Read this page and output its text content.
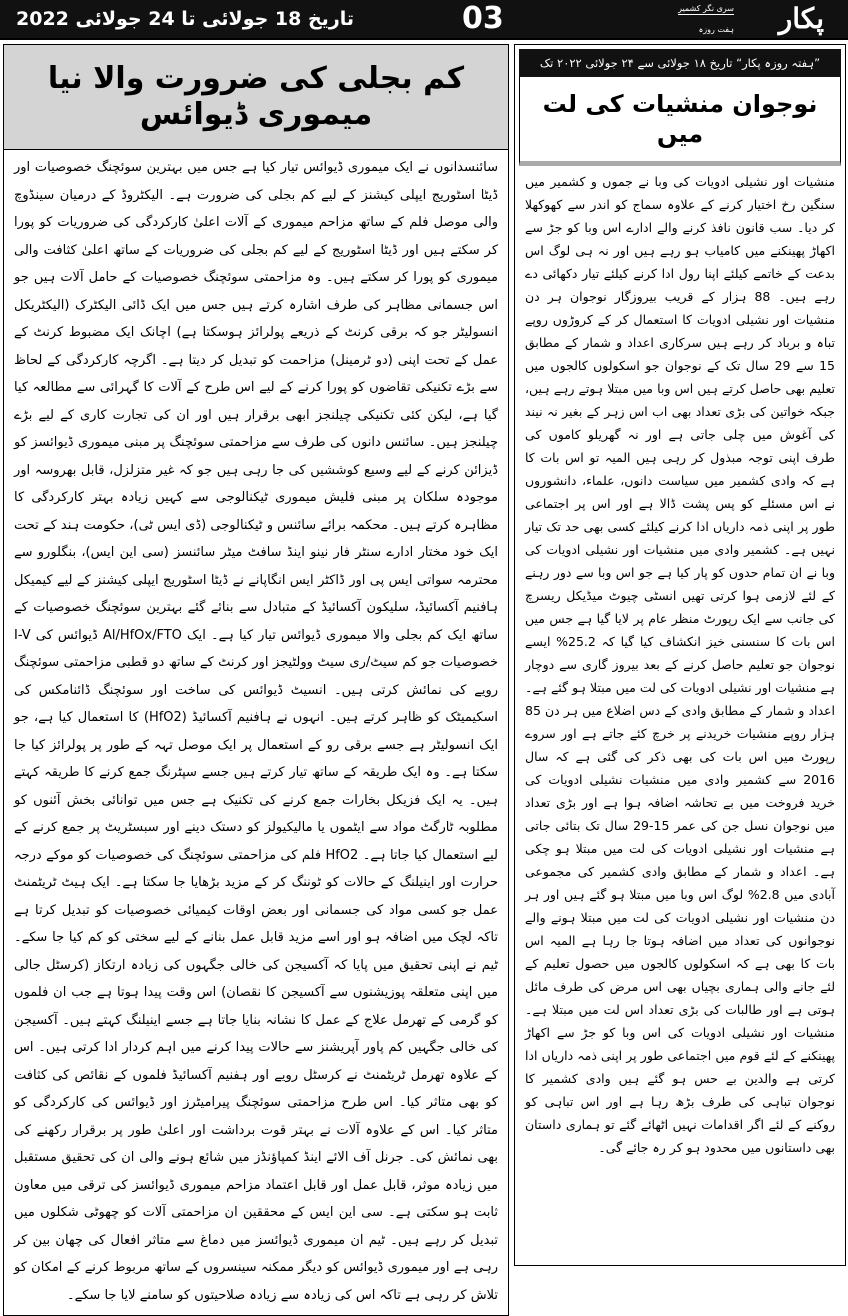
تاریخ 18 جولائی تا 24 جولائی 2022	03	پکار
سری نگر کشمیر
ہفت روزہ
کم بجلی کی ضرورت والا نیا میموری ڈیوائس
سائنسدانوں نے ایک میموری ڈیوائس تیار کیا ہے جس میں بہترین سوئچنگ خصوصیات اورڈیٹا اسٹوریج ایپلی کیشنز کے لیے کم بجلی کی ضرورت ہے۔ الیکٹروڈ کے درمیان سینڈوچ والیموصل فلم کے ساتھ مزاحم میموری کے آلات اعلیٰ کارکردگی کی ضروریات کو پورا کر سکتے ہیں اورڈیٹا اسٹوریج کے لیے کم بجلی کی ضروریات کے ساتھ اعلیٰ کثافت والی میموری کو پورا کر سکتےہیں۔ وہ مزاحمتی سوئچنگ خصوصیات کے حامل آلات ہیں جو اس جسمانی مظاہر کی طرف اشارہکرتے ہیں جس میں ایک ڈائی الیکٹرک (الیکٹریکل انسولیٹر جو کہ برقی کرنٹ کے ذریعےپولرائز ہوسکتا ہے) اچانک ایک مضبوط کرنٹ کے عمل کے تحت اپنی (دو ٹرمینل) مزاحمت کوتبدیل کر دیتا ہے۔ اگرچہ کارکردگی کے لحاظ سے بڑے تکنیکی تقاضوں کو پورا کرنے کے لیے اسطرح کے آلات کا گہرائی سے مطالعہ کیا گیا ہے، لیکن کئی تکنیکی چیلنجز ابھی برقرار ہیں اور انکی تجارت کاری کے لیے بڑے چیلنجز ہیں۔ سائنس دانوں کی طرف سے مزاحمتی سوئچنگ پر مبنیمیموری ڈیوائسز کو ڈیزائن کرنے کے لیے وسیع کوششیں کی جا رہی ہیں جو کہ غیر متزلزل، قابلبھروسہ اور موجودہ سلکان پر مبنی فلیش میموری ٹیکنالوجی سے کہیں زیادہ بہتر کارکردگی کا مظاہرہکرتے ہیں۔ محکمہ برائے سائنس و ٹیکنالوجی (ڈی ایس ٹی)، حکومت ہند کے تحت ایک خود مختارادارے سنٹر فار نینو اینڈ سافٹ میٹر سائنسز (سی این ایس)، بنگلورو سے محترمہ سواتی ایس پی اورڈاکٹر ایس انگاپانے نے ڈیٹا اسٹوریج ایپلی کیشنز کے لیے کیمیکل ہافنیم آکسائیڈ، سلیکونآکسائیڈ کے متبادل سے بنائے گئے بہترین سوئچنگ خصوصیات کے ساتھ ایک کم بجلی والامیموری ڈیوائس تیار کیا ہے۔ ایک Al/HfOx/FTO ڈیوائس کی I-V خصوصیات جو کمسیٹ/ری سیٹ وولٹیجز اور کرنٹ کے ساتھ دو قطبی مزاحمتی سوئچنگ رویے کی نمائش کرتی ہیں۔انسیٹ ڈیوائس کی ساخت اور سوئچنگ ڈائنامکس کی اسکیمیٹک کو ظاہر کرتے ہیں۔ انہوں نےہافنیم آکسائیڈ (HfO2) کا استعمال کیا ہے، جو ایک انسولیٹر ہے جسے برقی رو کے استعمال پرایک موصل تہہ کے طور پر پولرائز کیا جا سکتا ہے۔ وہ ایک طریقہ کے ساتھ تیار کرتے ہیں جسےسپٹرنگ جمع کرنے کا طریقہ کہتے ہیں۔ یہ ایک فزیکل بخارات جمع کرنے کی تکنیک ہے جسمیں توانائی بخش آئنوں کو مطلوبہ ٹارگٹ مواد سے ایٹموں یا مالیکیولز کو دستک دینے اورسبسٹریٹ پر جمع کرنے کے لیے استعمال کیا جاتا ہے۔ HfO2 فلم کی مزاحمتی سوئچنگ کیخصوصیات کو موکے درجہ حرارت اور اینیلنگ کے حالات کو ٹوننگ کر کے مزید بڑھایا جا سکتاہے۔ ایک ہیٹ ٹریٹمنٹ عمل جو کسی مواد کی جسمانی اور بعض اوقات کیمیائی خصوصیات کوتبدیل کرتا ہے تاکہ لچک میں اضافہ ہو اور اسے مزید قابل عمل بنانے کے لیے سختی کو کم کیا جاسکے۔ ٹیم نے اپنی تحقیق میں پایا کہ آکسیجن کی خالی جگہوں کی زیادہ ارتکاز (کرسٹل جالی میں اپنیمتعلقہ پوزیشنوں سے آکسیجن کا نقصان) اس وقت پیدا ہوتا ہے جب ان فلموں کو گرمی کےتھرمل علاج کے عمل کا نشانہ بنایا جاتا ہے جسے اینیلنگ کہتے ہیں۔ آکسیجن کی خالی جگہیں کم پاورآپریشنز سے حالات پیدا کرنے میں اہم کردار ادا کرتی ہیں۔ اس کے علاوہ تھرمل ٹریٹمنٹنے کرسٹل رویے اور ہفنیم آکسائیڈ فلموں کے نقائص کی کثافت کو بھی متاثر کیا۔ اس طرح مزاحمتیسوئچنگ پیرامیٹرز اور ڈیوائس کی کارکردگی کو متاثر کیا۔ اس کے علاوہ آلات نے بہتر قوتبرداشت اور اعلیٰ طور پر برقرار رکھنے کی بھی نمائش کی۔ جرنل آف الائے اینڈ کمپاؤنڈز میں شائعہونے والی ان کی تحقیق مستقبل میں زیادہ موثر، قابل عمل اور قابل اعتماد مزاحم میموری ڈیوائسز کیترقی میں معاون ثابت ہو سکتی ہے۔ سی این ایس کے محققین ان مزاحمتی آلات کو چھوٹیشکلوں میں تبدیل کر رہے ہیں۔ ٹیم ان میموری ڈیوائسز میں دماغ سے متاثر افعال کی چھانبین کر رہی ہے اور میموری ڈیوائس کو دیگر ممکنہ سینسروں کے ساتھ مربوط کرنے کے امکان کو تلاشکر رہی ہے تاکہ اس کی زیادہ سے زیادہ صلاحیتوں کو سامنے لایا جا سکے۔
”ہفتہ روزہ پکار“ تاریخ ۱۸ جولائی سے ۲۴ جولائی ۲۰۲۲ تک
نوجوان منشیات کی لت میں
منشیات اور نشیلی ادویات کی وبا نے جموں و کشمیر میں سنگینرخ اختیار کرنے کے علاوہ سماج کو اندر سے کھوکھلا کر دیا۔ سبقانون نافذ کرنے والے ادارے اس وبا کو جڑ سے اکھاڑ پھینکنےمیں کامیاب ہو رہے ہیں اور نہ ہی لوگ اس بدعت کے خاتمےکیلئے اپنا رول ادا کرنے کیلئے تیار دکھائی دے رہے ہیں۔88 ہزار کے قریب بیروزگار نوجوان ہر دن منشیات اور نشیلیادویات کا استعمال کر کے کروڑوں روپے تباہ و برباد کر رہے ہیںسرکاری اعداد و شمار کے مطابق 15 سے 29 سال تک کےنوجوان جو اسکولوں کالجوں میں تعلیم بھی حاصل کرتے ہیں اسوبا میں مبتلا ہوتے رہے ہیں، جبکہ خواتین کی بڑی تعداد بھی اباس زہر کے بغیر نہ نیند کی آغوش میں چلی جاتی ہے اور نہ گھریلوکاموں کی طرف اپنی توجہ مبذول کر رہی ہیں المیہ تو اس باتکا ہے کہ وادی کشمیر میں سیاست دانوں، علماء، دانشوروں نےاس مسئلے کو پس پشت ڈالا ہے اور اس پر اجتماعی طور پر اپنی ذمہداریاں ادا کرنے کیلئے کسی بھی حد تک تیار نہیں ہے۔ کشمیر وادیمیں منشیات اور نشیلی ادویات کی وبا نے ان تمام حدوں کو پارکیا ہے جو اس وبا سے دور رہنے کے لئے لازمی ہوا کرتی تھیںانسٹی چیوٹ میڈیکل ریسرچ کی جانب سے ایک رپورٹ منظرعام پر لایا گیا ہے جس میں اس بات کا سنسنی خیز انکشاف کیا گیا کہ25.2% ایسے نوجوان جو تعلیم حاصل کرنے کے بعد بیروزگاری سے دوچار ہے منشیات اور نشیلی ادویات کی لت میںمبتلا ہو گئے ہے۔ اعداد و شمار کے مطابق وادی کے دس اضلاع میںہر دن 85 ہزار روپے منشیات خریدنے پر خرچ کئے جاتے ہےاور سروے رپورٹ میں اس بات کی بھی ذکر کی گئی ہے کہسال 2016 سے کشمیر وادی میں منشیات نشیلی ادویات کی خریدفروخت میں بے تحاشہ اضافہ ہوا ہے اور بڑی تعداد میں نوجوان نسلجن کی عمر 15-29 سال تک بتائی جاتی ہے منشیات اور نشیلیادویات کی لت میں مبتلا ہو چکی ہے۔ اعداد و شمار کے مطابق وادیکشمیر کی مجموعی آبادی میں 2.8% لوگ اس وبا میںمبتلا ہو گئے ہیں اور ہر دن منشیات اور نشیلی ادویات کی لت میںمبتلا ہونے والے نوجوانوں کی تعداد میں اضافہ ہوتا جا رہا ہےالمیہ اس بات کا بھی ہے کہ اسکولوں کالجوں میں حصول تعلیم کےلئے جانے والی ہماری بچیاں بھی اس مرض کی طرف مائل ہوتیہے اور طالبات کی بڑی تعداد اس لت میں مبتلا ہے۔ منشیات اورنشیلی ادویات کی اس وبا کو جڑ سے اکھاڑ پھینکنے کے لئے قوم میںاجتماعی طور پر اپنی ذمہ داریاں ادا کرتی ہے والدین بے حسہو گئے ہیں وادی کشمیر کا نوجوان تباہی کی طرف بڑھ رہا ہے اوراس تباہی کو روکنے کے لئے اگر اقدامات نہیں اٹھائے گئے توہماری داستان بھی داستانوں میں محدود ہو کر رہ جائے گی۔
